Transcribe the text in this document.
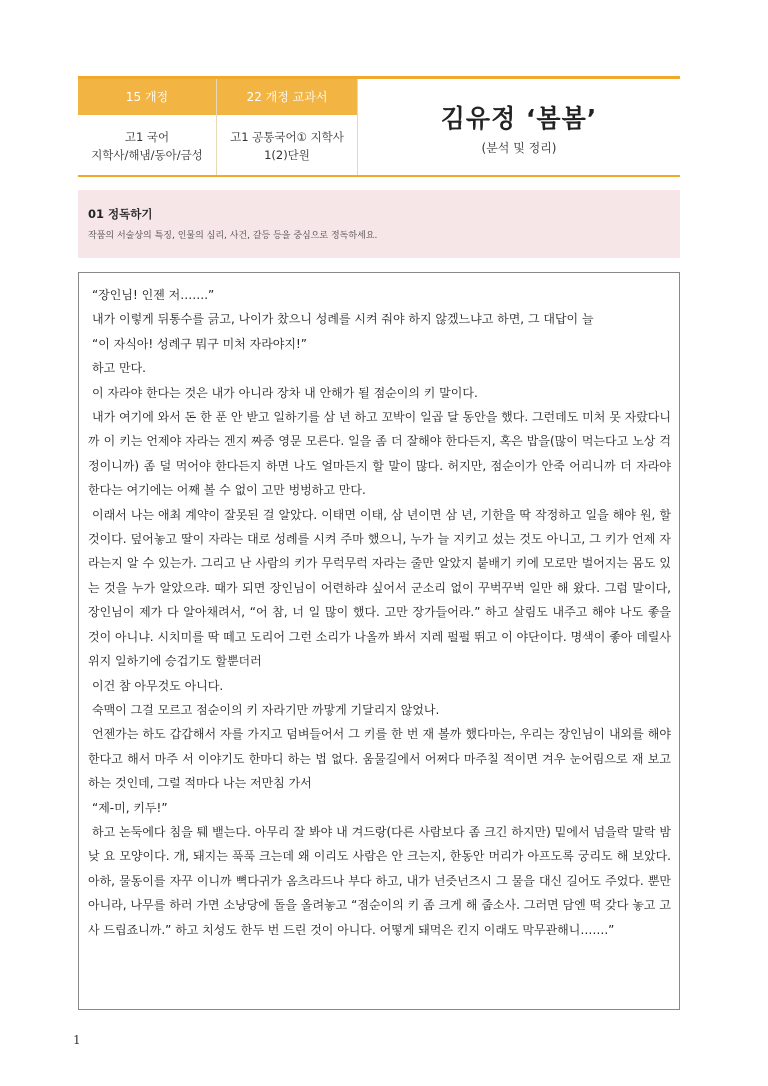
15 개정
고1 국어
지학사/해냄/동아/금성
22 개정 교과서
고1 공통국어① 지학사
1(2)단원
김유정 ‘봄봄’
(분석 및 정리)
01 정독하기
작품의 서술상의 특징, 인물의 심리, 사건, 갈등 등을 중심으로 정독하세요.

“장인님! 인젠 저…….”

내가 이렇게 뒤통수를 긁고, 나이가 찼으니 성례를 시켜 줘야 하지 않겠느냐고 하면, 그 대답이 늘

“이 자식아! 성례구 뭐구 미처 자라야지!”

하고 만다.

이 자라야 한다는 것은 내가 아니라 장차 내 안해가 될 점순이의 키 말이다.

내가 여기에 와서 돈 한 푼 안 받고 일하기를 삼 년 하고 꼬박이 일곱 달 동안을 했다. 그런데도 미처 못 자랐다니까 이 키는 언제야 자라는 겐지 짜증 영문 모른다. 일을 좀 더 잘해야 한다든지, 혹은 밥을(많이 먹는다고 노상 걱정이니까) 좀 덜 먹어야 한다든지 하면 나도 얼마든지 할 말이 많다. 허지만, 점순이가 안죽 어리니까 더 자라야 한다는 여기에는 어째 볼 수 없이 고만 벙벙하고 만다.

이래서 나는 애최 계약이 잘못된 걸 알았다. 이태면 이태, 삼 년이면 삼 년, 기한을 딱 작정하고 일을 해야 원, 할 것이다. 덮어놓고 딸이 자라는 대로 성례를 시켜 주마 했으니, 누가 늘 지키고 섰는 것도 아니고, 그 키가 언제 자라는지 알 수 있는가. 그리고 난 사람의 키가 무럭무럭 자라는 줄만 알았지 붙배기 키에 모로만 벌어지는 몸도 있는 것을 누가 알았으랴. 때가 되면 장인님이 어련하랴 싶어서 군소리 없이 꾸벅꾸벅 일만 해 왔다. 그럼 말이다, 장인님이 제가 다 알아채려서, “어 참, 너 일 많이 했다. 고만 장가들어라.” 하고 살림도 내주고 해야 나도 좋을 것이 아니냐. 시치미를 딱 떼고 도리어 그런 소리가 나올까 봐서 지레 펄펄 뛰고 이 야단이다. 명색이 좋아 데릴사위지 일하기에 승겁기도 할뿐더러

이건 참 아무것도 아니다.

숙맥이 그걸 모르고 점순이의 키 자라기만 까맣게 기달리지 않었나.

언젠가는 하도 갑갑해서 자를 가지고 덤벼들어서 그 키를 한 번 재 볼까 했다마는, 우리는 장인님이 내외를 해야 한다고 해서 마주 서 이야기도 한마디 하는 법 없다. 움물길에서 어쩌다 마주칠 적이면 겨우 눈어림으로 재 보고 하는 것인데, 그럴 적마다 나는 저만침 가서

“제-미, 키두!”

하고 논둑에다 침을 퉤 뱉는다. 아무리 잘 봐야 내 겨드랑(다른 사람보다 좀 크긴 하지만) 밑에서 넘을락 말락 밤낮 요 모양이다. 개, 돼지는 푹푹 크는데 왜 이리도 사람은 안 크는지, 한동안 머리가 아프도록 궁리도 해 보았다. 아하, 물동이를 자꾸 이니까 뼉다귀가 옴츠라드나 부다 하고, 내가 넌즛넌즈시 그 물을 대신 길어도 주었다. 뿐만 아니라, 나무를 하러 가면 소낭당에 돌을 올려놓고 “점순이의 키 좀 크게 해 줍소사. 그러면 담엔 떡 갖다 놓고 고사 드립죠니까.” 하고 치성도 한두 번 드린 것이 아니다. 어떻게 돼먹은 킨지 이래도 막무관해니…….”

1
